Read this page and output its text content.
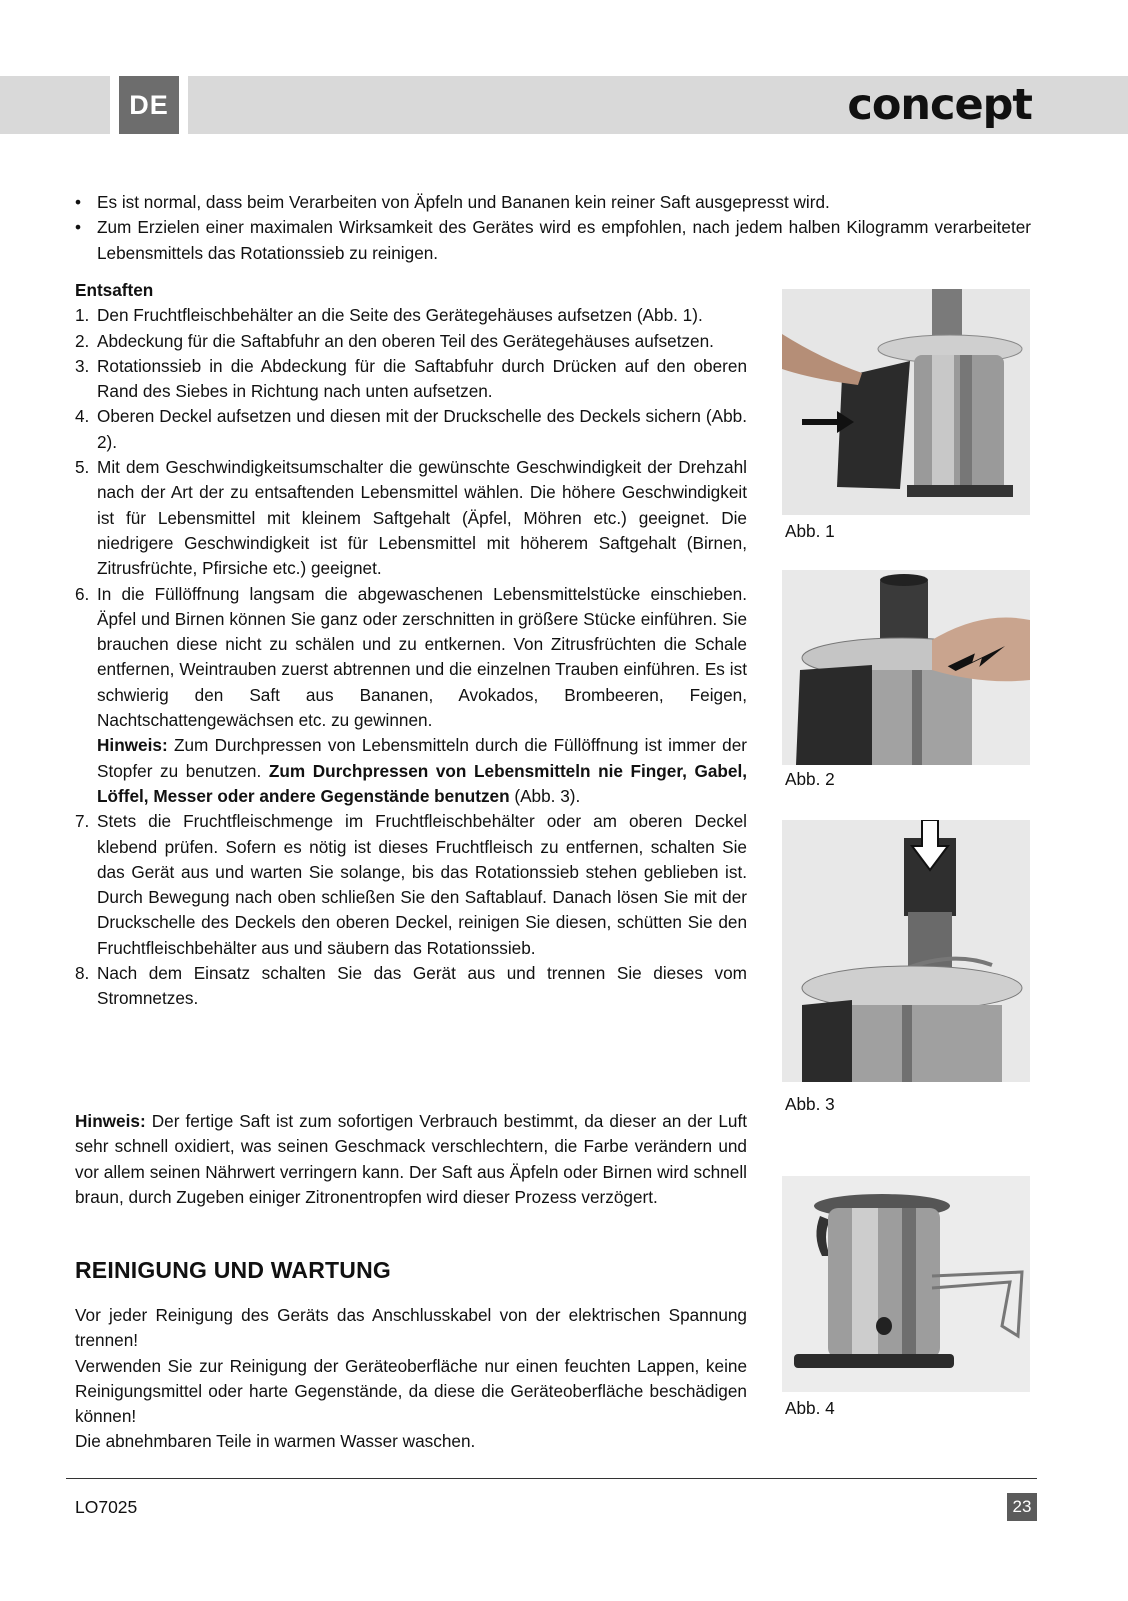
DE	concept
• Es ist normal, dass beim Verarbeiten von Äpfeln und Bananen kein reiner Saft ausgepresst wird.
• Zum Erzielen einer maximalen Wirksamkeit des Gerätes wird es empfohlen, nach jedem halben Kilogramm verarbeiteter Lebensmittels das Rotationssieb zu reinigen.
Entsaften
1. Den Fruchtfleischbehälter an die Seite des Gerätegehäuses aufsetzen (Abb. 1).
2. Abdeckung für die Saftabfuhr an den oberen Teil des Gerätegehäuses aufsetzen.
3. Rotationssieb in die Abdeckung für die Saftabfuhr durch Drücken auf den oberen Rand des Siebes in Richtung nach unten aufsetzen.
4. Oberen Deckel aufsetzen und diesen mit der Druckschelle des Deckels sichern (Abb. 2).
5. Mit dem Geschwindigkeitsumschalter die gewünschte Geschwindigkeit der Drehzahl nach der Art der zu entsaftenden Lebensmittel wählen. Die höhere Geschwindigkeit ist für Lebensmittel mit kleinem Saftgehalt (Äpfel, Möhren etc.) geeignet. Die niedrigere Geschwindigkeit ist für Lebensmittel mit höherem Saftgehalt (Birnen, Zitrusfrüchte, Pfirsiche etc.) geeignet.
6. In die Füllöffnung langsam die abgewaschenen Lebensmittelstücke einschieben. Äpfel und Birnen können Sie ganz oder zerschnitten in größere Stücke einführen. Sie brauchen diese nicht zu schälen und zu entkernen. Von Zitrusfrüchten die Schale entfernen, Weintrauben zuerst abtrennen und die einzelnen Trauben einführen. Es ist schwierig den Saft aus Bananen, Avokados, Brombeeren, Feigen, Nachtschattengewächsen etc. zu gewinnen.
Hinweis: Zum Durchpressen von Lebensmitteln durch die Füllöffnung ist immer der Stopfer zu benutzen. Zum Durchpressen von Lebensmitteln nie Finger, Gabel, Löffel, Messer oder andere Gegenstände benutzen (Abb. 3).
7. Stets die Fruchtfleischmenge im Fruchtfleischbehälter oder am oberen Deckel klebend prüfen. Sofern es nötig ist dieses Fruchtfleisch zu entfernen, schalten Sie das Gerät aus und warten Sie solange, bis das Rotationssieb stehen geblieben ist. Durch Bewegung nach oben schließen Sie den Saftablauf. Danach lösen Sie mit der Druckschelle des Deckels den oberen Deckel, reinigen Sie diesen, schütten Sie den Fruchtfleischbehälter aus und säubern das Rotationssieb.
8. Nach dem Einsatz schalten Sie das Gerät aus und trennen Sie dieses vom Stromnetzes.
Hinweis: Der fertige Saft ist zum sofortigen Verbrauch bestimmt, da dieser an der Luft sehr schnell oxidiert, was seinen Geschmack verschlechtern, die Farbe verändern und vor allem seinen Nährwert verringern kann. Der Saft aus Äpfeln oder Birnen wird schnell braun, durch Zugeben einiger Zitronentropfen wird dieser Prozess verzögert.
REINIGUNG UND WARTUNG
Vor jeder Reinigung des Geräts das Anschlusskabel von der elektrischen Spannung trennen!
Verwenden Sie zur Reinigung der Geräteoberfläche nur einen feuchten Lappen, keine Reinigungsmittel oder harte Gegenstände, da diese die Geräteoberfläche beschädigen können!
Die abnehmbaren Teile in warmen Wasser waschen.
Abb. 1
Abb. 2
Abb. 3
Abb. 4
LO7025	23
